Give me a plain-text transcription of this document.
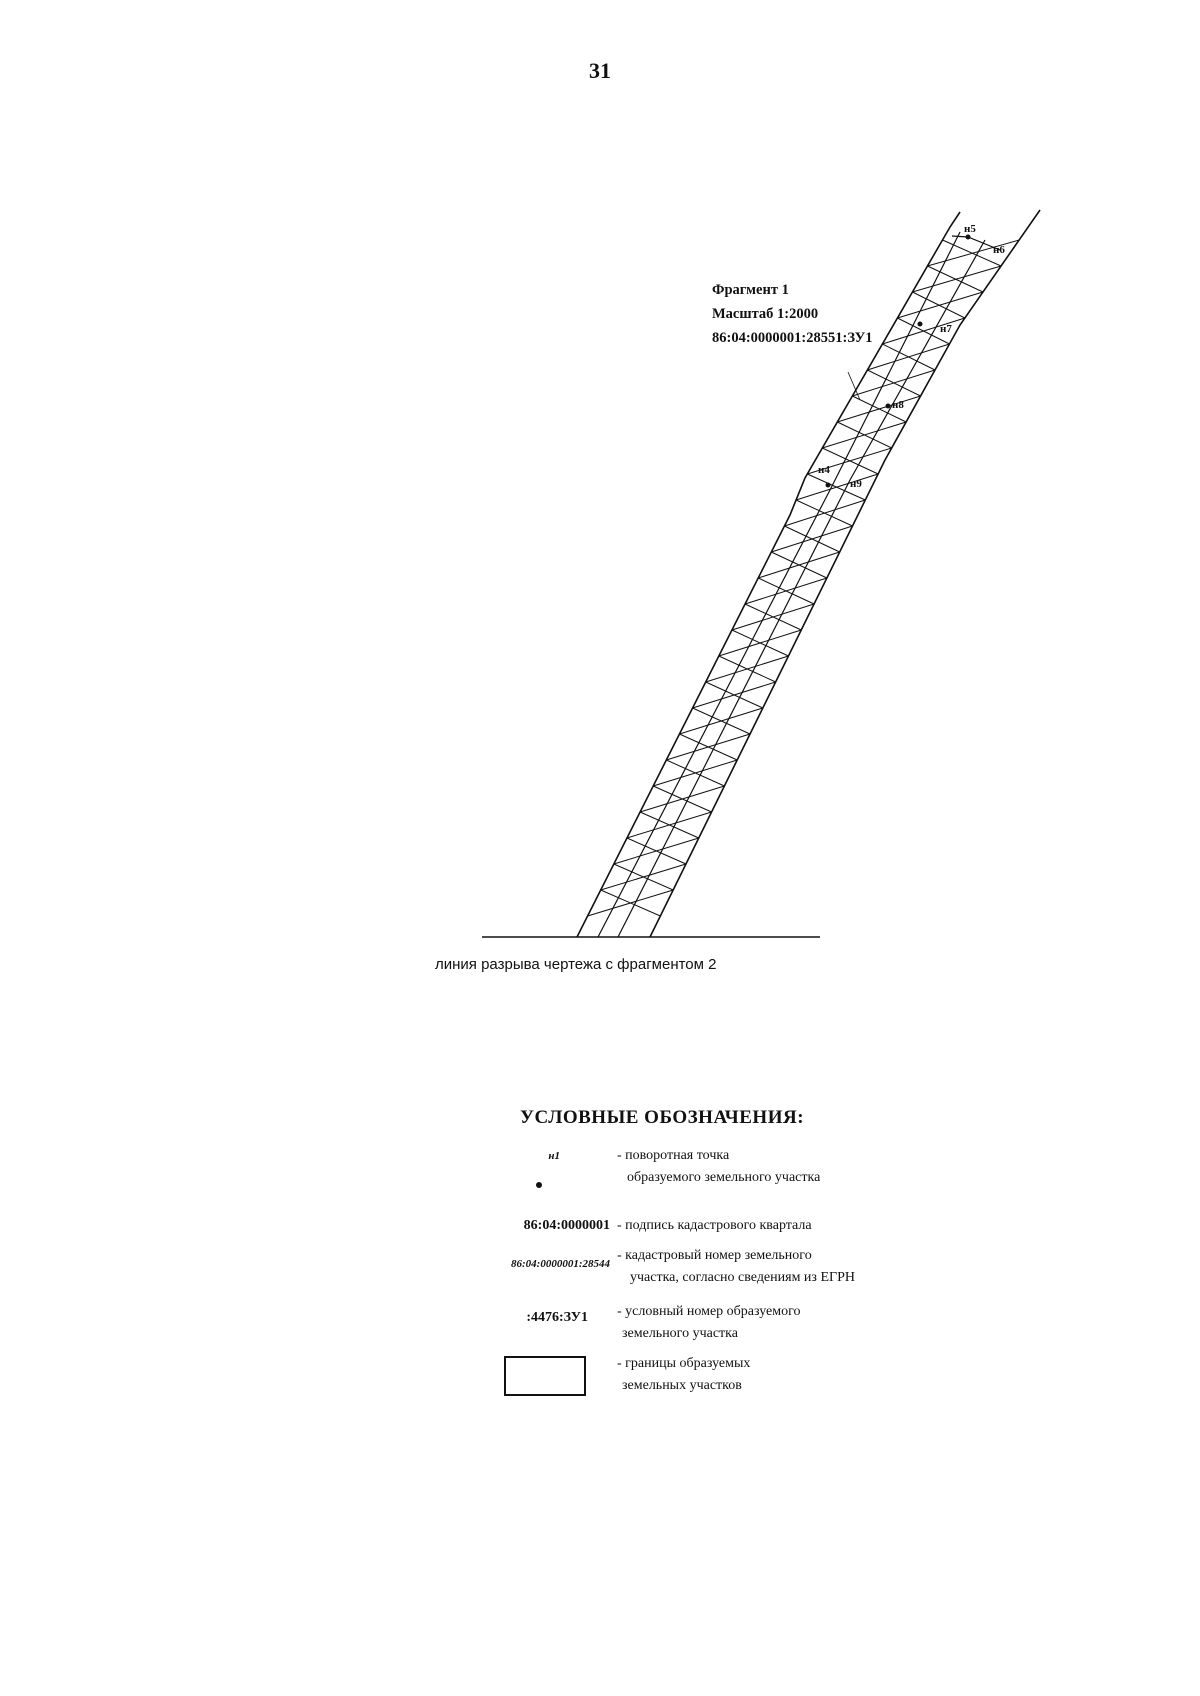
31
Фрагмент 1
Масштаб 1:2000
86:04:0000001:28551:ЗУ1
н5
н6
н7
н8
н4
н9
линия разрыва чертежа с фрагментом 2
УСЛОВНЫЕ ОБОЗНАЧЕНИЯ:
н1	- поворотная точка
образуемого земельного участка
86:04:0000001 - подпись кадастрового квартала
86:04:0000001:28544
- кадастровый номер земельного
участка, согласно сведениям из ЕГРН
:4476:ЗУ1 - условный номер образуемого
земельного участка
- границы образуемых
земельных участков
